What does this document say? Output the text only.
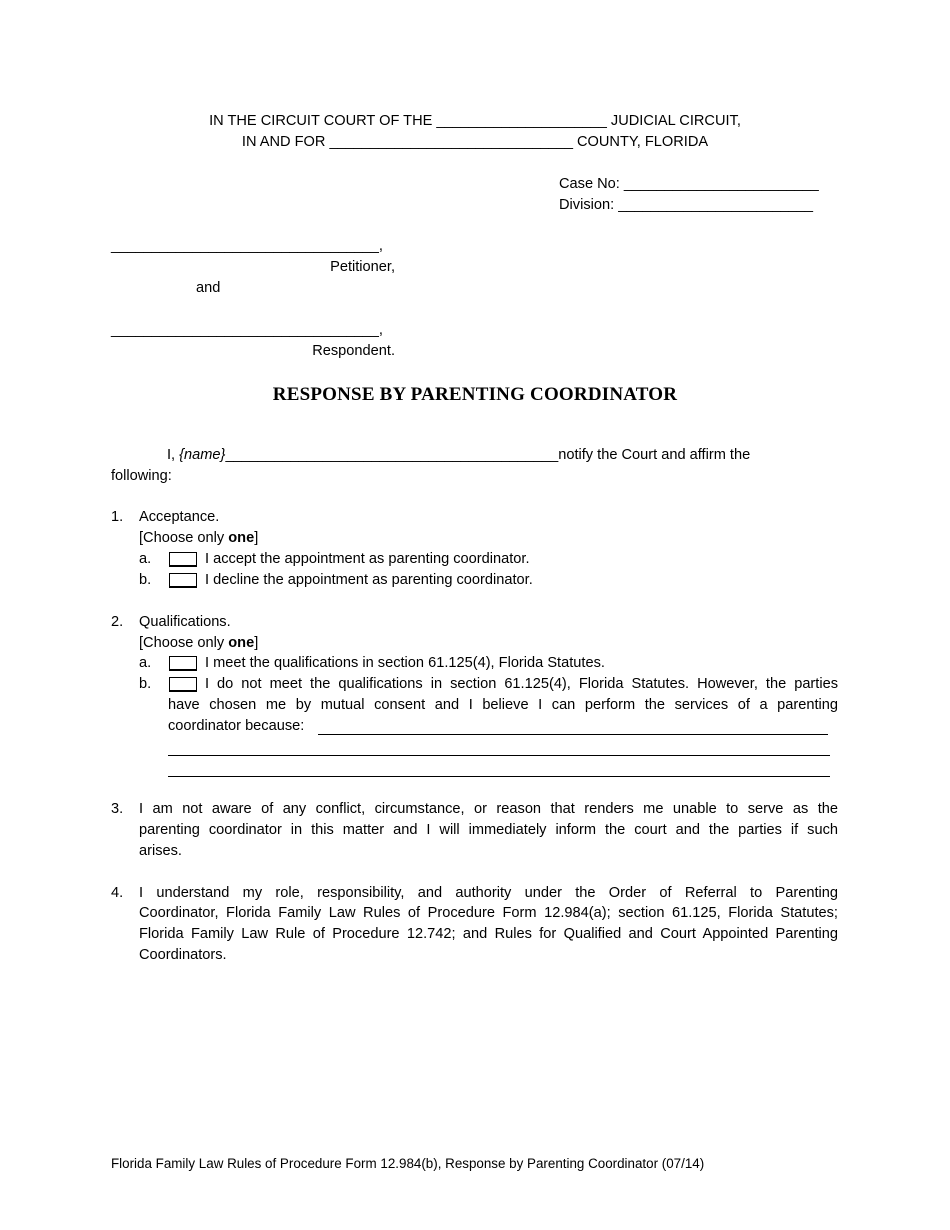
IN THE CIRCUIT COURT OF THE _____________________ JUDICIAL CIRCUIT,
IN AND FOR ______________________________ COUNTY, FLORIDA
Case No: ________________________
Division: ________________________
_________________________________,
Petitioner,
and
_________________________________,
Respondent.
RESPONSE BY PARENTING COORDINATOR
I, {name}_________________________________________notify the Court and affirm the
following:
1. Acceptance.
[Choose only one]
a.	I accept the appointment as parenting coordinator.
b.	I decline the appointment as parenting coordinator.
2. Qualifications.
[Choose only one]
a.	I meet the qualifications in section 61.125(4), Florida Statutes.
b.	I do not meet the qualifications in section 61.125(4), Florida Statutes. However, the parties
have chosen me by mutual consent and I believe I can perform the services of a parenting
coordinator because:
3. I am not aware of any conflict, circumstance, or reason that renders me unable to serve as the
parenting coordinator in this matter and I will immediately inform the court and the parties if such
arises.
4. I understand my role, responsibility, and authority under the Order of Referral to Parenting
Coordinator, Florida Family Law Rules of Procedure Form 12.984(a); section 61.125, Florida Statutes;
Florida Family Law Rule of Procedure 12.742; and Rules for Qualified and Court Appointed Parenting
Coordinators.
Florida Family Law Rules of Procedure Form 12.984(b), Response by Parenting Coordinator (07/14)
